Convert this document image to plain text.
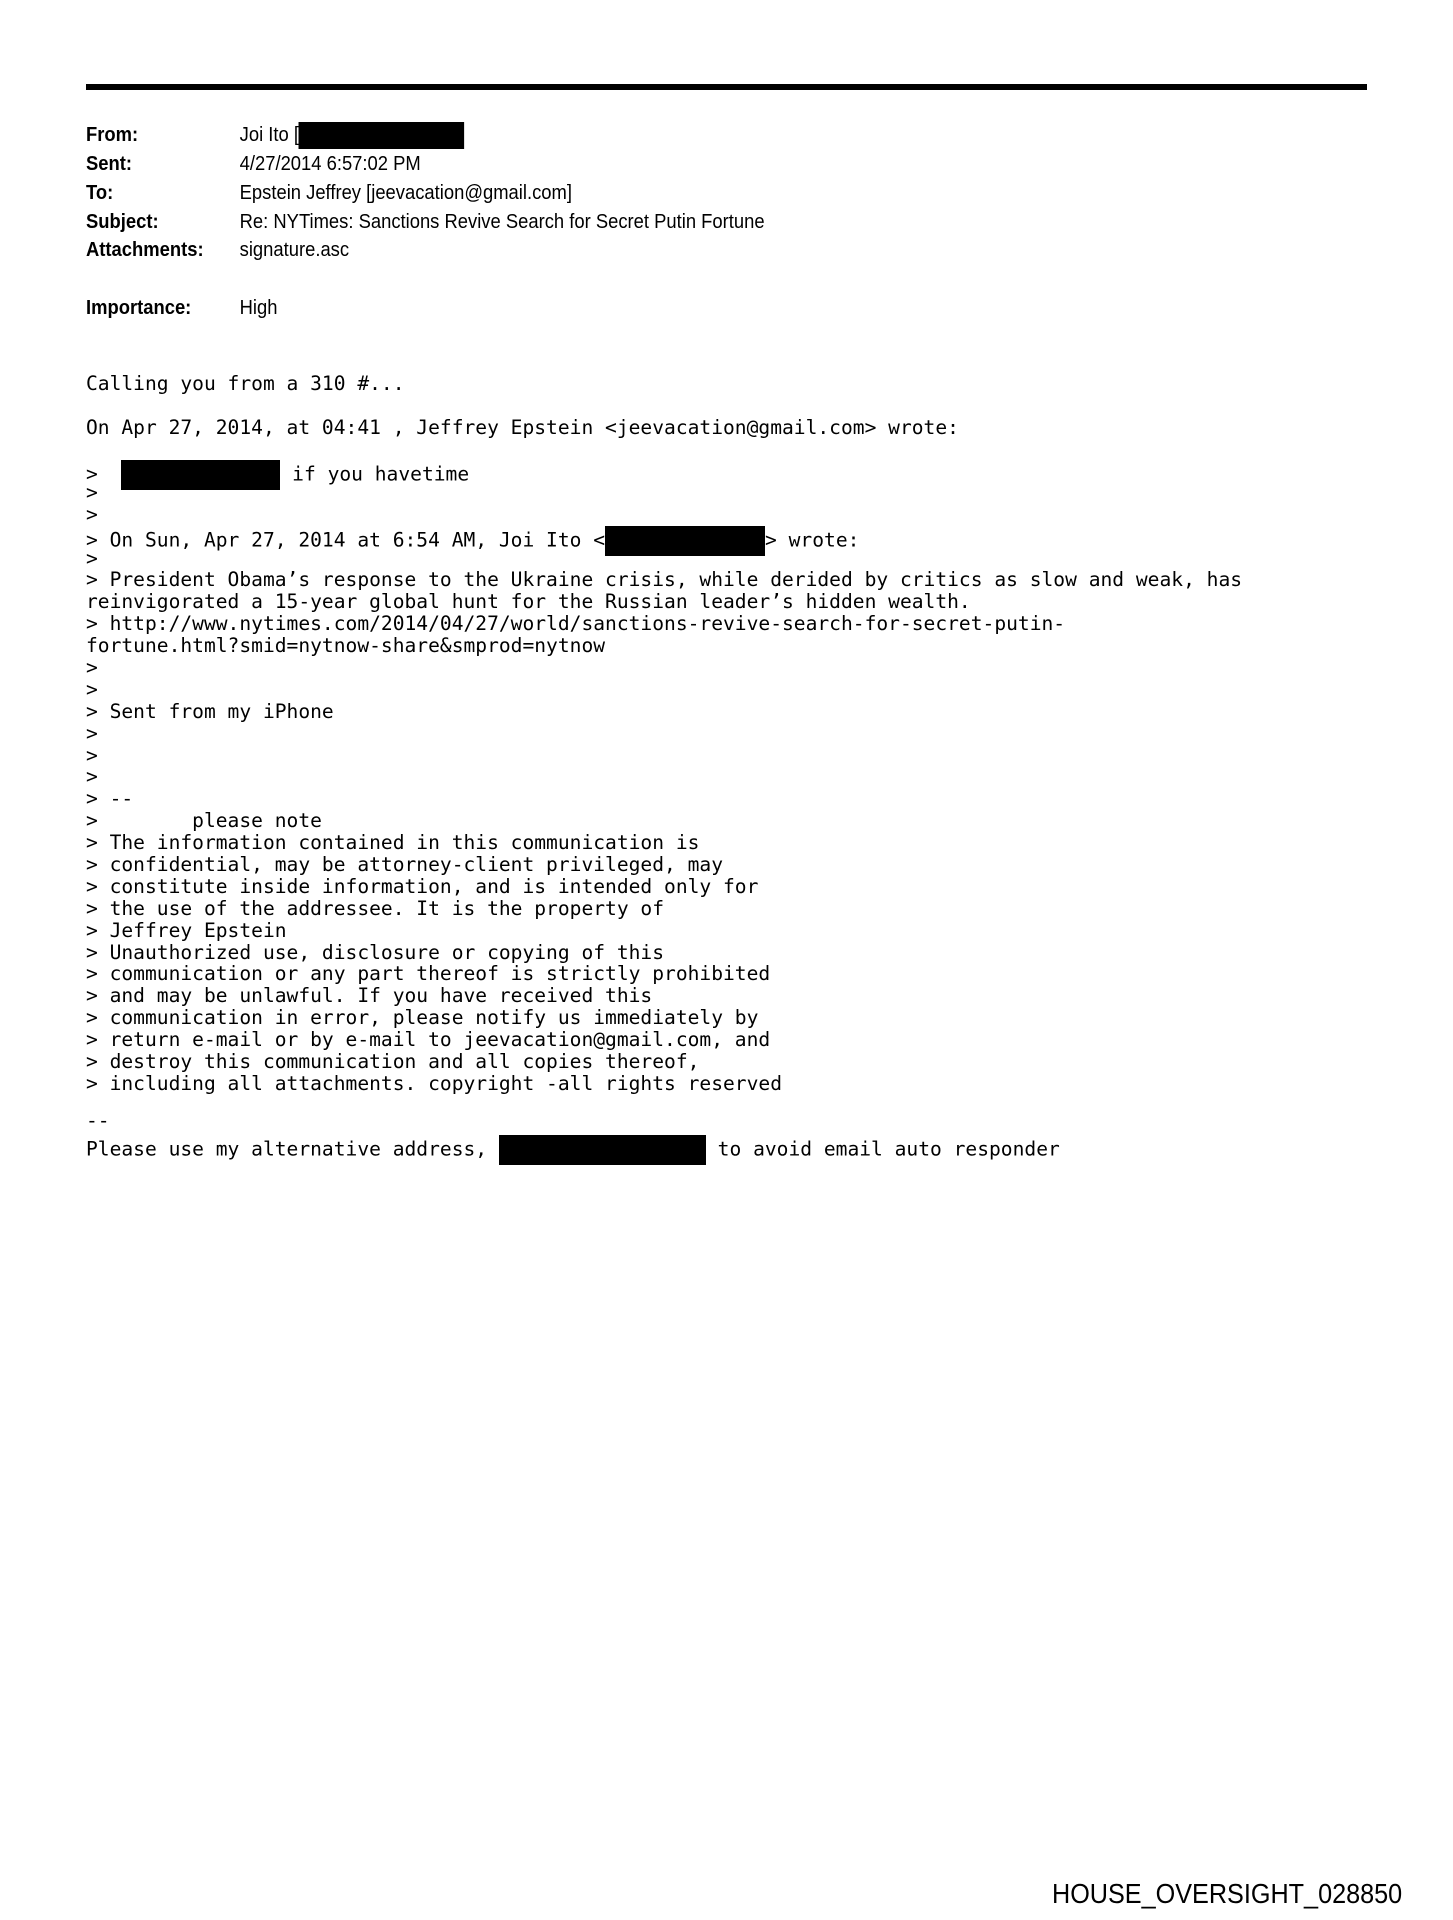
From:	Joi Ito [
Sent:	4/27/2014 6:57:02 PM
To:	Epstein Jeffrey [jeevacation@gmail.com]
Subject:	Re: NYTimes: Sanctions Revive Search for Secret Putin Fortune
Attachments: signature.asc
Importance: High
Calling you from a 310 #...
On Apr 27, 2014, at 04:41 , Jeffrey Epstein <jeevacation@gmail.com> wrote:
>	if you havetime
>
>
> On Sun, Apr 27, 2014 at 6:54 AM, Joi Ito <	> wrote:
>
> President Obama’s response to the Ukraine crisis, while derided by critics as slow and weak, has
reinvigorated a 15-year global hunt for the Russian leader’s hidden wealth.
> http://www.nytimes.com/2014/04/27/world/sanctions-revive-search-for-secret-putin-
fortune.html?smid=nytnow-share&smprod=nytnow
>
>
> Sent from my iPhone
>
>
>
> --
>        please note
> The information contained in this communication is
> confidential, may be attorney-client privileged, may
> constitute inside information, and is intended only for
> the use of the addressee. It is the property of
> Jeffrey Epstein
> Unauthorized use, disclosure or copying of this
> communication or any part thereof is strictly prohibited
> and may be unlawful. If you have received this
> communication in error, please notify us immediately by
> return e-mail or by e-mail to jeevacation@gmail.com, and
> destroy this communication and all copies thereof,
> including all attachments. copyright -all rights reserved
--
Please use my alternative address,	to avoid email auto responder
HOUSE_OVERSIGHT_028850
